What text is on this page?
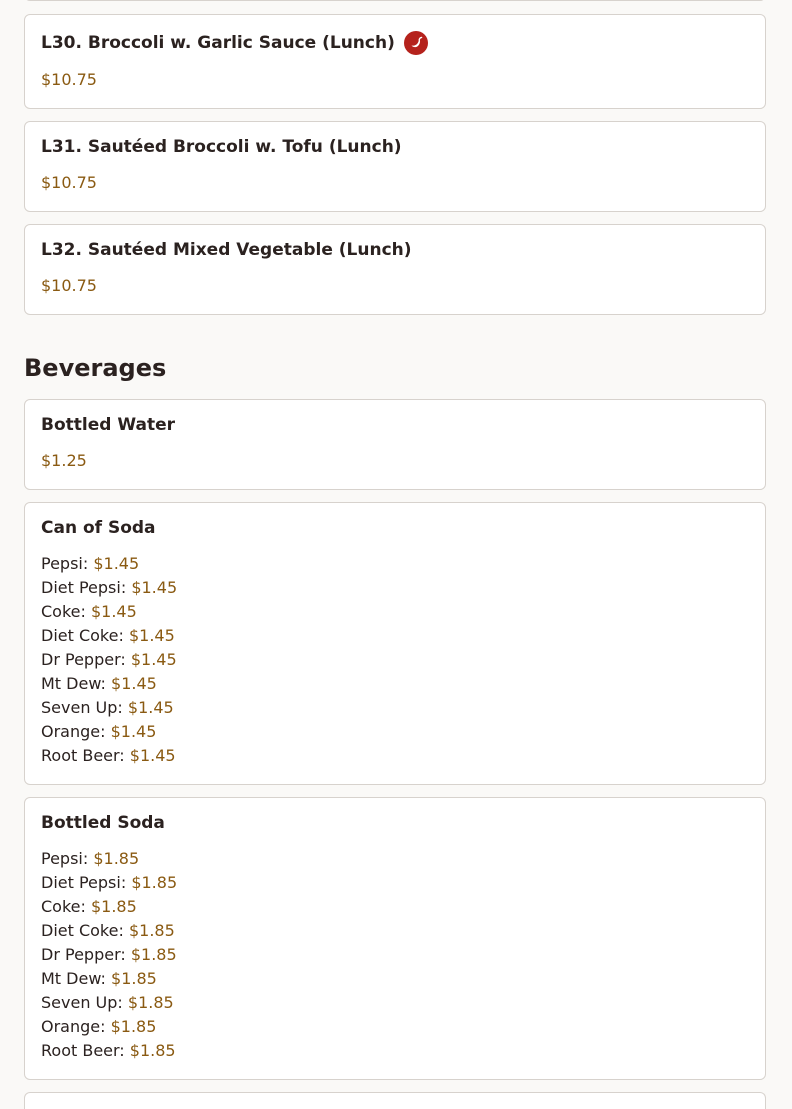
L30. Broccoli w. Garlic Sauce (Lunch)
$10.75
L31. Sautéed Broccoli w. Tofu (Lunch)
$10.75
L32. Sautéed Mixed Vegetable (Lunch)
$10.75
Beverages
Bottled Water
$1.25
Can of Soda
Pepsi: $1.45
Diet Pepsi: $1.45
Coke: $1.45
Diet Coke: $1.45
Dr Pepper: $1.45
Mt Dew: $1.45
Seven Up: $1.45
Orange: $1.45
Root Beer: $1.45
Bottled Soda
Pepsi: $1.85
Diet Pepsi: $1.85
Coke: $1.85
Diet Coke: $1.85
Dr Pepper: $1.85
Mt Dew: $1.85
Seven Up: $1.85
Orange: $1.85
Root Beer: $1.85
